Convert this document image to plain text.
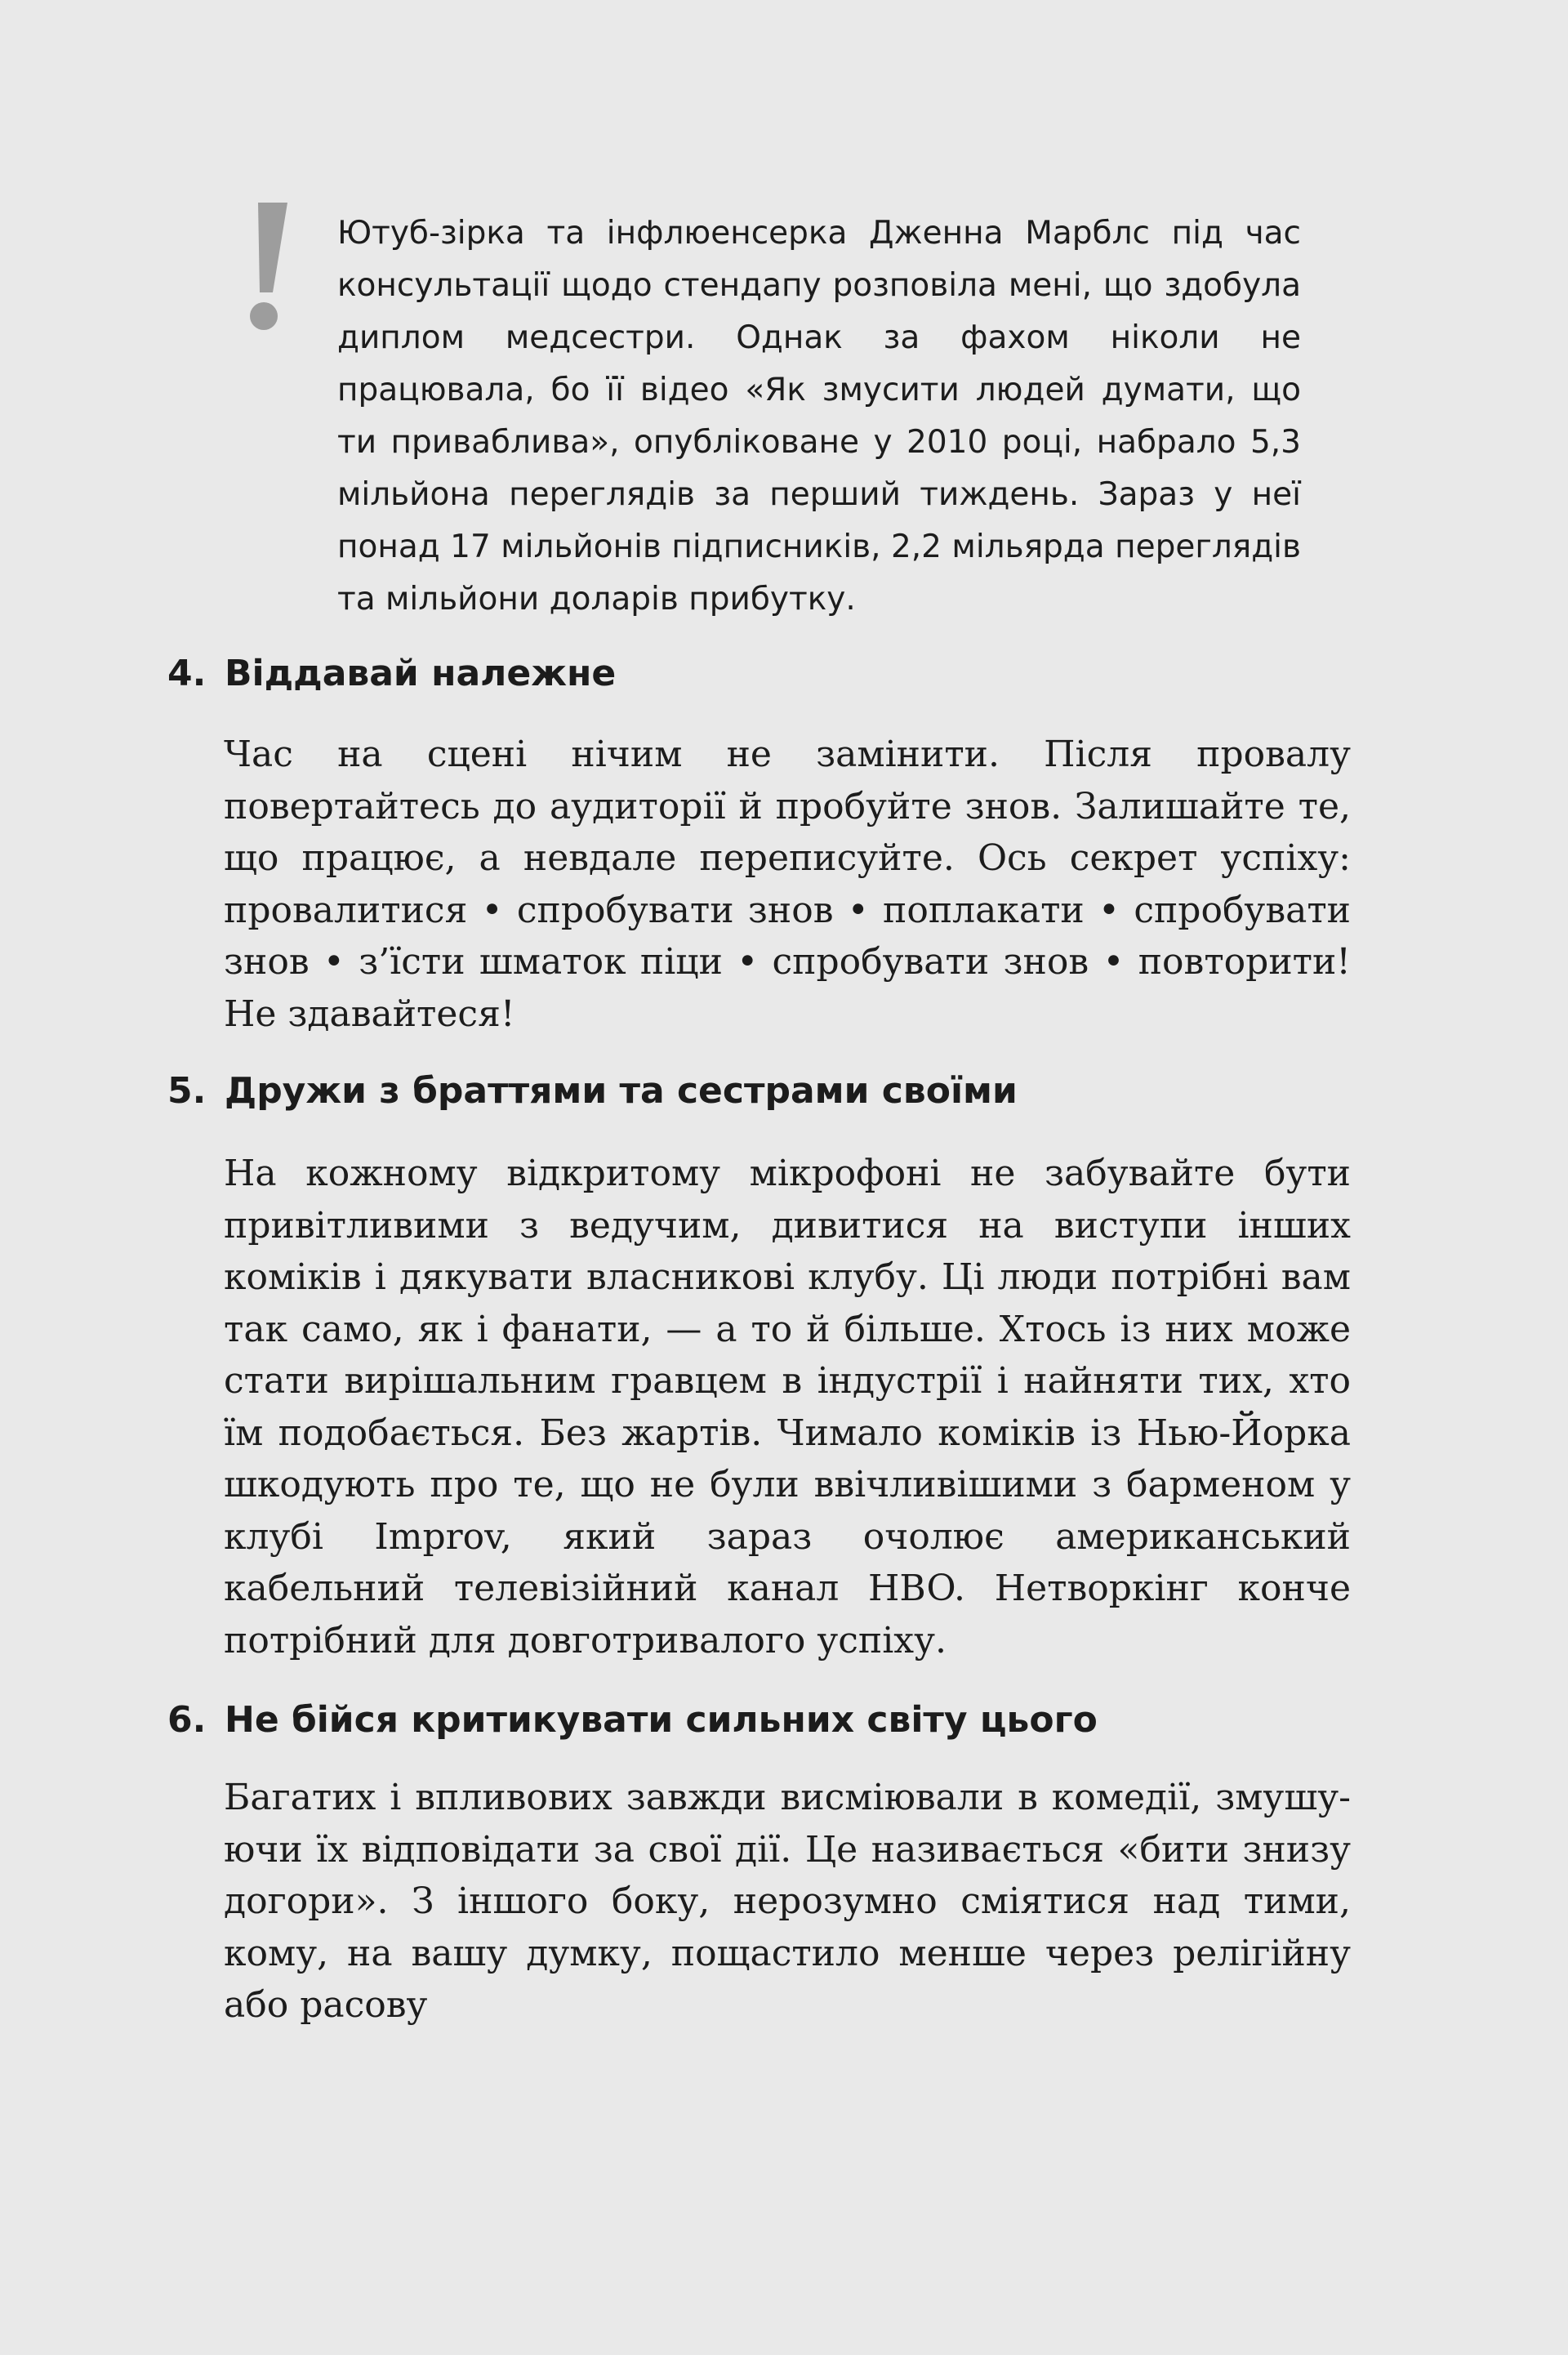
Ютуб-зірка та інфлюенсерка Дженна Марблс під час консультації щодо стендапу розповіла мені, що здобула диплом медсестри. Однак за фахом ніколи не працювала, бо її відео «Як змусити людей думати, що ти приваблива», опубліковане у 2010 році, набрало 5,3 мільйона переглядів за перший тиждень. Зараз у неї понад 17 мільйонів підписників, 2,2 мільярда переглядів та мільйони доларів прибутку.

4. Віддавай належне

Час на сцені нічим не замінити. Після провалу повертайтесь до аудиторії й пробуйте знов. Залишайте те, що працює, а невдале переписуйте. Ось секрет успіху: провалитися • спробувати знов • поплакати • спробувати знов • з’їсти шматок піци • спробувати знов • повторити! Не здавайтеся!

5. Дружи з браттями та сестрами своїми

На кожному відкритому мікрофоні не забувайте бути привітливими з ведучим, дивитися на виступи інших коміків і дякувати власникові клубу. Ці люди потрібні вам так само, як і фанати, — а то й більше. Хтось із них може стати вирішальним гравцем в індустрії і найняти тих, хто їм подобається. Без жартів. Чимало коміків із Нью-Йорка шкодують про те, що не були ввічливішими з барменом у клубі Improv, який зараз очолює американський кабельний телевізійний канал HBO. Нетворкінг конче потрібний для довготривалого успіху.

6. Не бійся критикувати сильних світу цього

Багатих і впливових завжди висміювали в комедії, змушуючи їх відповідати за свої дії. Це називається «бити знизу догори». З іншого боку, нерозумно сміятися над тими, кому, на вашу думку, пощастило менше через релігійну або расову
